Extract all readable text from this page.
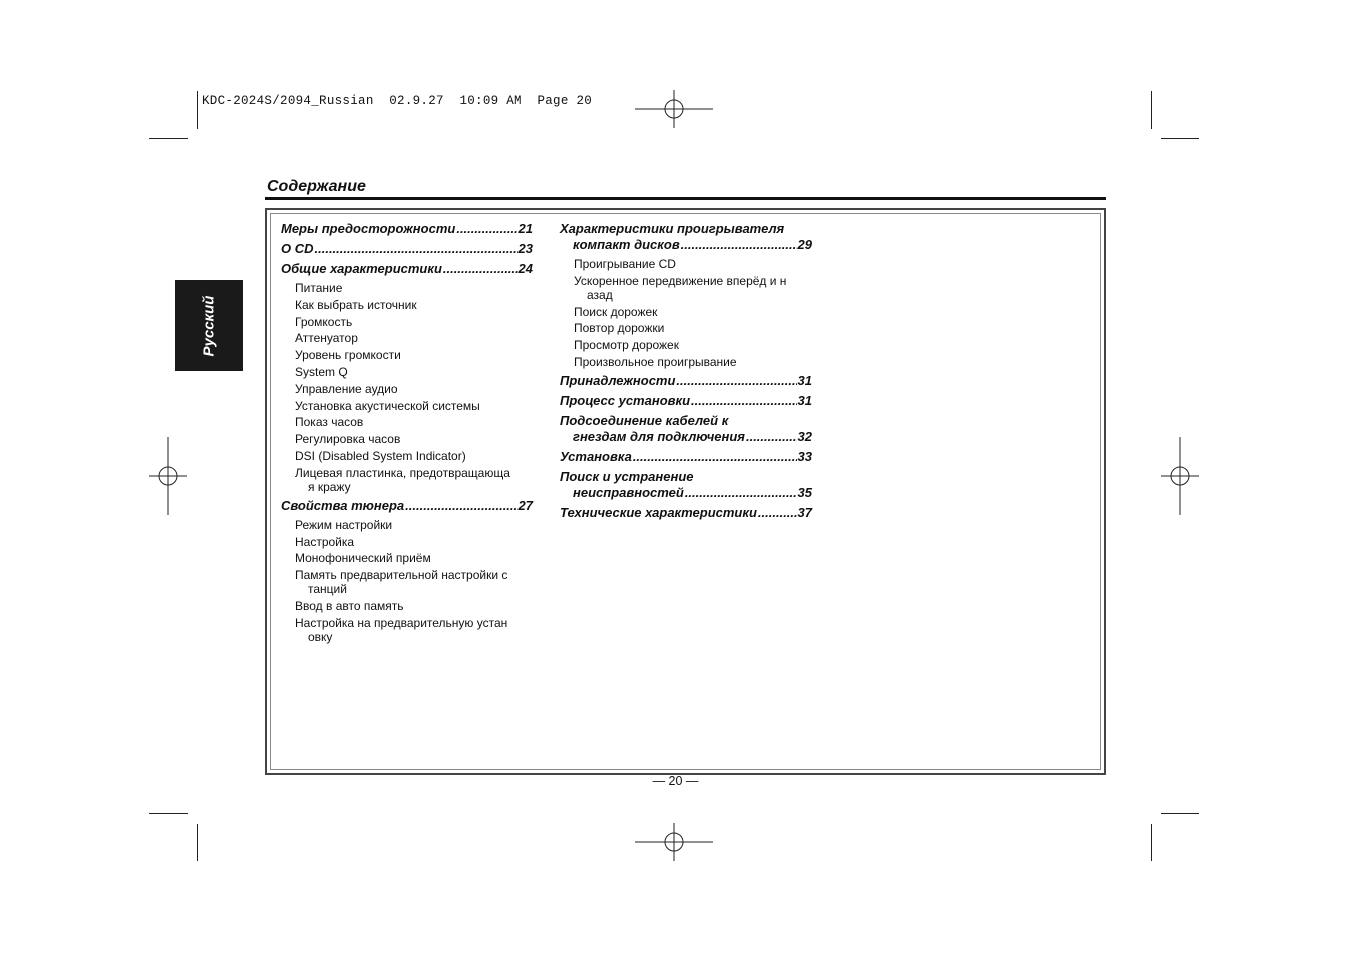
KDC-2024S/2094_Russian  02.9.27  10:09 AM  Page 20
Содержание
Русский
Меры предосторожности .....	21
О CD .....	23
Общие характеристики .....	24
Питание
Как выбрать источник
Громкость
Аттенуатор
Уровень громкости
System Q
Управление аудио
Установка акустической системы
Показ часов
Регулировка часов
DSI (Disabled System Indicator)
Лицевая пластинка, предотвращающа
я кражу
Свойства тюнера .....	27
Режим настройки
Настройка
Монофонический приём
Память предварительной настройки с
танций
Ввод в авто память
Настройка на предварительную устан
овку
Характеристики проигрывателя
компакт дисков .....	29
Проигрывание CD
Ускоренное передвижение вперёд и н
азад
Поиск дорожек
Повтор дорожки
Просмотр дорожек
Произвольное проигрывание
Принадлежности .....	31
Процесс установки .....	31
Подсоединение кабелей к
гнездам для подключения .....	32
Установка .....	33
Поиск и устранение
неисправностей .....	35
Технические характеристики .....	37
— 20 —
